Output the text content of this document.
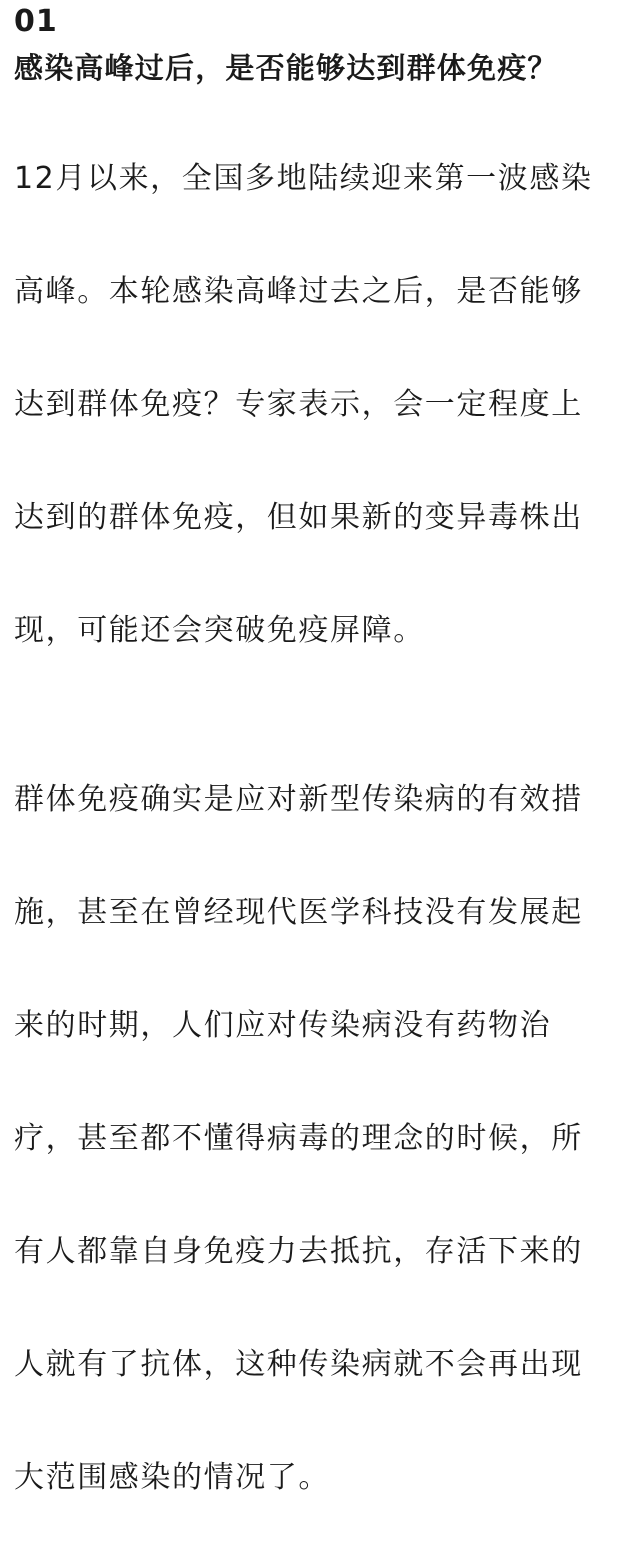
01
感染高峰过后，是否能够达到群体免疫？

12月以来，全国多地陆续迎来第一波感染

高峰。本轮感染高峰过去之后，是否能够

达到群体免疫？专家表示，会一定程度上

达到的群体免疫，但如果新的变异毒株出

现，可能还会突破免疫屏障。

群体免疫确实是应对新型传染病的有效措

施，甚至在曾经现代医学科技没有发展起

来的时期，人们应对传染病没有药物治

疗，甚至都不懂得病毒的理念的时候，所

有人都靠自身免疫力去抵抗，存活下来的

人就有了抗体，这种传染病就不会再出现

大范围感染的情况了。
